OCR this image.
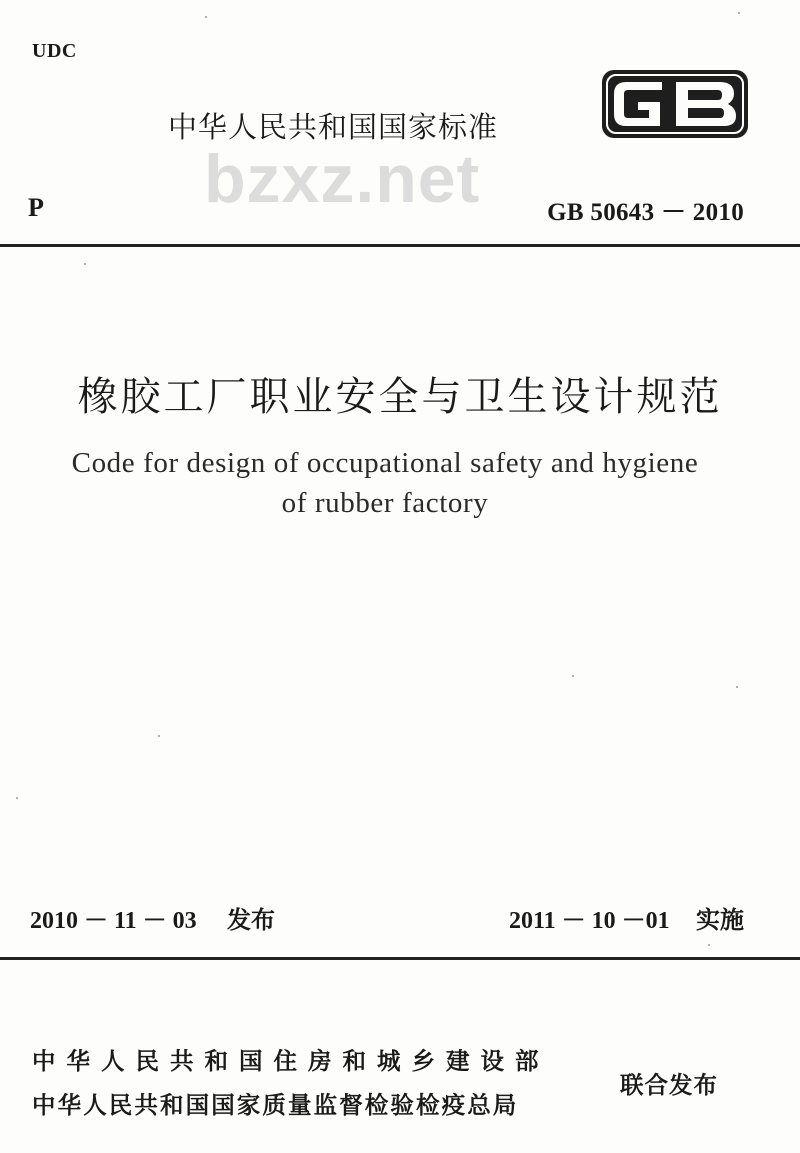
UDC
中华人民共和国国家标准
bzxz.net
P	GB 50643 － 2010
橡胶工厂职业安全与卫生设计规范
Code for design of occupational safety and hygiene
of rubber factory
2010 － 11 － 03 发布	2011 － 10 －01 实施
中华人民共和国住房和城乡建设部
中华人民共和国国家质量监督检验检疫总局
联合发布
